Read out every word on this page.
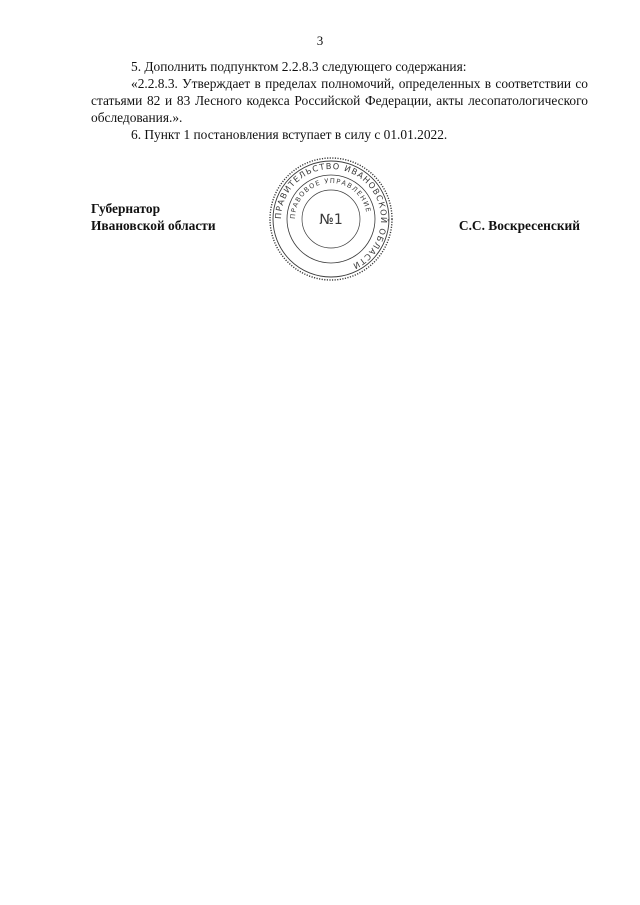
3

5. Дополнить подпунктом 2.2.8.3 следующего содержания:

«2.2.8.3. Утверждает в пределах полномочий, определенных в соответствии со статьями 82 и 83 Лесного кодекса Российской Федерации, акты лесопатологического обследования.».

6. Пункт 1 постановления вступает в силу с 01.01.2022.

Губернатор
Ивановской области
ПРАВИТЕЛЬСТВО ИВАНОВСКОЙ ОБЛАСТИ
ПРАВОВОЕ УПРАВЛЕНИЕ
№1	С.С. Воскресенский
